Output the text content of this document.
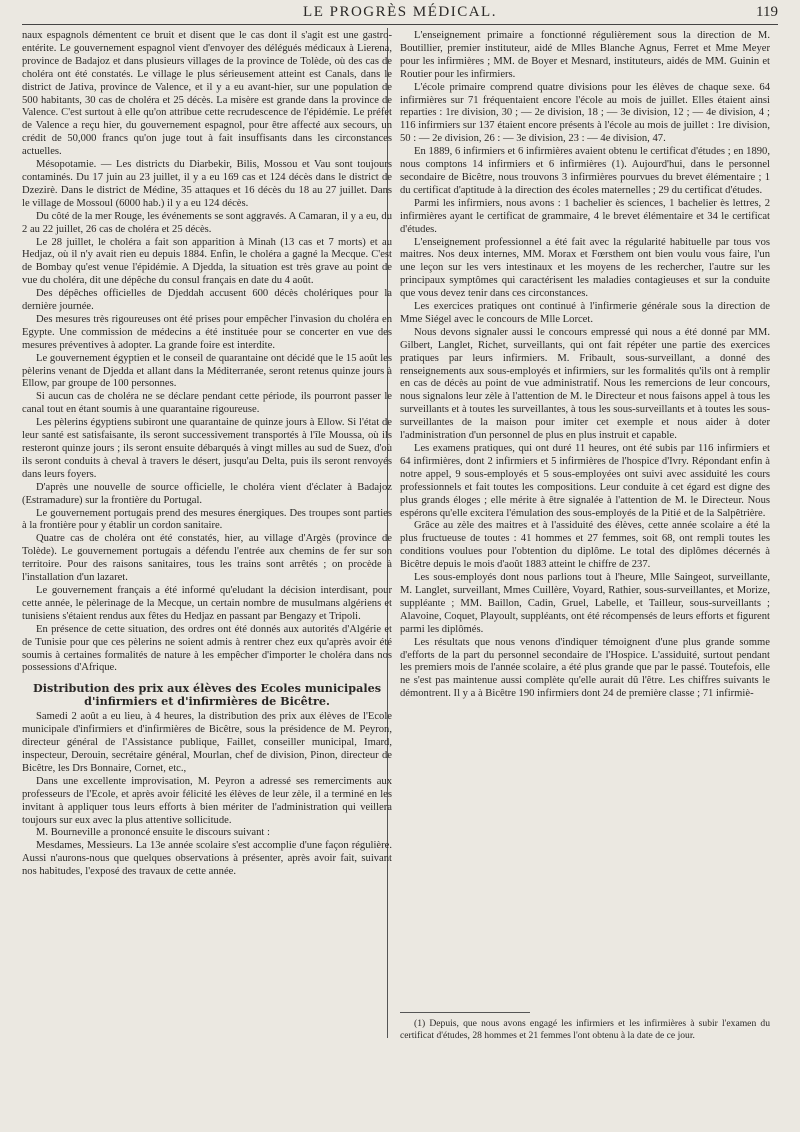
LE PROGRÈS MÉDICAL.	119

naux espagnols démentent ce bruit et disent que le cas dont il s'agit est une gastro-entérite. Le gouvernement espagnol vient d'envoyer des délégués médicaux à Lierena, province de Badajoz et dans plusieurs villages de la province de Tolède, où des cas de choléra ont été constatés. Le village le plus sérieusement atteint est Canals, dans le district de Jativa, province de Valence, et il y a eu avant-hier, sur une population de 500 habitants, 30 cas de choléra et 25 décès. La misère est grande dans la province de Valence. C'est surtout à elle qu'on attribue cette recrudescence de l'épidémie. Le préfet de Valence a reçu hier, du gouvernement espagnol, pour être affecté aux secours, un crédit de 50,000 francs qu'on juge tout à fait insuffisants dans les circonstances actuelles.

Mésopotamie. — Les districts du Diarbekir, Bilis, Mossou et Vau sont toujours contaminés. Du 17 juin au 23 juillet, il y a eu 169 cas et 124 décès dans le district de Dzezirè. Dans le district de Médine, 35 attaques et 16 décès du 18 au 27 juillet. Dans le village de Mossoul (6000 hab.) il y a eu 124 décès.

Du côté de la mer Rouge, les événements se sont aggravés. A Camaran, il y a eu, du 2 au 22 juillet, 26 cas de choléra et 25 décès.

Le 28 juillet, le choléra a fait son apparition à Minah (13 cas et 7 morts) et au Hedjaz, où il n'y avait rien eu depuis 1884. Enfin, le choléra a gagné la Mecque. C'est de Bombay qu'est venue l'épidémie. A Djedda, la situation est très grave au point de vue du choléra, dit une dépêche du consul français en date du 4 août.

Des dépêches officielles de Djeddah accusent 600 décès cholériques pour la dernière journée.

Des mesures très rigoureuses ont été prises pour empêcher l'invasion du choléra en Egypte. Une commission de médecins a été instituée pour se concerter en vue des mesures préventives à adopter. La grande foire est interdite.

Le gouvernement égyptien et le conseil de quarantaine ont décidé que le 15 août les pèlerins venant de Djedda et allant dans la Méditerranée, seront retenus quinze jours à Ellow, par groupe de 100 personnes.

Si aucun cas de choléra ne se déclare pendant cette période, ils pourront passer le canal tout en étant soumis à une quarantaine rigoureuse.

Les pèlerins égyptiens subiront une quarantaine de quinze jours à Ellow. Si l'état de leur santé est satisfaisante, ils seront successivement transportés à l'île Moussa, où ils resteront quinze jours ; ils seront ensuite débarqués à vingt milles au sud de Suez, d'où ils seront conduits à cheval à travers le désert, jusqu'au Delta, puis ils seront renvoyés dans leurs foyers.

D'après une nouvelle de source officielle, le choléra vient d'éclater à Badajoz (Estramadure) sur la frontière du Portugal.

Le gouvernement portugais prend des mesures énergiques. Des troupes sont parties à la frontière pour y établir un cordon sanitaire.

Quatre cas de choléra ont été constatés, hier, au village d'Argès (province de Tolède). Le gouvernement portugais a défendu l'entrée aux chemins de fer sur son territoire. Pour des raisons sanitaires, tous les trains sont arrêtés ; on procède à l'installation d'un lazaret.

Le gouvernement français a été informé qu'eludant la décision interdisant, pour cette année, le pèlerinage de la Mecque, un certain nombre de musulmans algériens et tunisiens s'étaient rendus aux fêtes du Hedjaz en passant par Bengazy et Tripoli.

En présence de cette situation, des ordres ont été donnés aux autorités d'Algérie et de Tunisie pour que ces pèlerins ne soient admis à rentrer chez eux qu'après avoir été soumis à certaines formalités de nature à les empêcher d'importer le choléra dans nos possessions d'Afrique.

Distribution des prix aux élèves des Ecoles municipales d'infirmiers et d'infirmières de Bicêtre.

Samedi 2 août a eu lieu, à 4 heures, la distribution des prix aux élèves de l'Ecole municipale d'infirmiers et d'infirmières de Bicêtre, sous la présidence de M. Peyron, directeur général de l'Assistance publique, Faillet, conseiller municipal, Imard, inspecteur, Derouin, secrétaire général, Mourlan, chef de division, Pinon, directeur de Bicêtre, les Drs Bonnaire, Cornet, etc.,

Dans une excellente improvisation, M. Peyron a adressé ses remerciments aux professeurs de l'Ecole, et après avoir félicité les élèves de leur zèle, il a terminé en les invitant à appliquer tous leurs efforts à bien mériter de l'administration qui veillera toujours sur eux avec la plus attentive sollicitude.

M. Bourneville a prononcé ensuite le discours suivant :

Mesdames, Messieurs. La 13e année scolaire s'est accomplie d'une façon régulière. Aussi n'aurons-nous que quelques observations à présenter, après avoir fait, suivant nos habitudes, l'exposé des travaux de cette année.

L'enseignement primaire a fonctionné régulièrement sous la direction de M. Boutillier, premier instituteur, aidé de Mlles Blanche Agnus, Ferret et Mme Meyer pour les infirmières ; MM. de Boyer et Mesnard, instituteurs, aidés de MM. Guinin et Routier pour les infirmiers.

L'école primaire comprend quatre divisions pour les élèves de chaque sexe. 64 infirmières sur 71 fréquentaient encore l'école au mois de juillet. Elles étaient ainsi reparties : 1re division, 30 ; — 2e division, 18 ; — 3e division, 12 ; — 4e division, 4 ; 116 infirmiers sur 137 étaient encore présents à l'école au mois de juillet : 1re division, 50 : — 2e division, 26 : — 3e division, 23 : — 4e division, 47.

En 1889, 6 infirmiers et 6 infirmières avaient obtenu le certificat d'études ; en 1890, nous comptons 14 infirmiers et 6 infirmières (1). Aujourd'hui, dans le personnel secondaire de Bicêtre, nous trouvons 3 infirmières pourvues du brevet élémentaire ; 1 du certificat d'aptitude à la direction des écoles maternelles ; 29 du certificat d'études.

Parmi les infirmiers, nous avons : 1 bachelier ès sciences, 1 bachelier ès lettres, 2 infirmières ayant le certificat de grammaire, 4 le brevet élémentaire et 34 le certificat d'études.

L'enseignement professionnel a été fait avec la régularité habituelle par tous vos maitres. Nos deux internes, MM. Morax et Fœrsthem ont bien voulu vous faire, l'un une leçon sur les vers intestinaux et les moyens de les rechercher, l'autre sur les principaux symptômes qui caractérisent les maladies contagieuses et sur la conduite que vous devez tenir dans ces circonstances.

Les exercices pratiques ont continué à l'infirmerie générale sous la direction de Mme Siégel avec le concours de Mlle Lorcet.

Nous devons signaler aussi le concours empressé qui nous a été donné par MM. Gilbert, Langlet, Richet, surveillants, qui ont fait répéter une partie des exercices pratiques par leurs infirmiers. M. Fribault, sous-surveillant, a donné des renseignements aux sous-employés et infirmiers, sur les formalités qu'ils ont à remplir en cas de décès au point de vue administratif. Nous les remercions de leur concours, nous signalons leur zèle à l'attention de M. le Directeur et nous faisons appel à tous les surveillants et à toutes les surveillantes, à tous les sous-surveillants et à toutes les sous-surveillantes de la maison pour imiter cet exemple et nous aider à doter l'administration d'un personnel de plus en plus instruit et capable.

Les examens pratiques, qui ont duré 11 heures, ont été subis par 116 infirmiers et 64 infirmières, dont 2 infirmiers et 5 infirmières de l'hospice d'Ivry. Répondant enfin à notre appel, 9 sous-employés et 5 sous-employées ont suivi avec assiduité les cours professionnels et fait toutes les compositions. Leur conduite à cet égard est digne des plus grands éloges ; elle mérite à être signalée à l'attention de M. le Directeur. Nous espérons qu'elle excitera l'émulation des sous-employés de la Pitié et de la Salpêtrière.

Grâce au zèle des maitres et à l'assiduité des élèves, cette année scolaire a été la plus fructueuse de toutes : 41 hommes et 27 femmes, soit 68, ont rempli toutes les conditions voulues pour l'obtention du diplôme. Le total des diplômes décernés à Bicêtre depuis le mois d'août 1883 atteint le chiffre de 237.

Les sous-employés dont nous parlions tout à l'heure, Mlle Saingeot, surveillante, M. Langlet, surveillant, Mmes Cuillère, Voyard, Rathier, sous-surveillantes, et Morize, suppléante ; MM. Baillon, Cadin, Gruel, Labelle, et Tailleur, sous-surveillants ; Alavoine, Coquet, Playoult, suppléants, ont été récompensés de leurs efforts et figurent parmi les diplômés.

Les résultats que nous venons d'indiquer témoignent d'une plus grande somme d'efforts de la part du personnel secondaire de l'Hospice. L'assiduité, surtout pendant les premiers mois de l'année scolaire, a été plus grande que par le passé. Toutefois, elle ne s'est pas maintenue aussi complète qu'elle aurait dû l'être. Les chiffres suivants le démontrent. Il y a à Bicêtre 190 infirmiers dont 24 de première classe ; 71 infirmiè-

(1) Depuis, que nous avons engagé les infirmiers et les infirmières à subir l'examen du certificat d'études, 28 hommes et 21 femmes l'ont obtenu à la date de ce jour.
